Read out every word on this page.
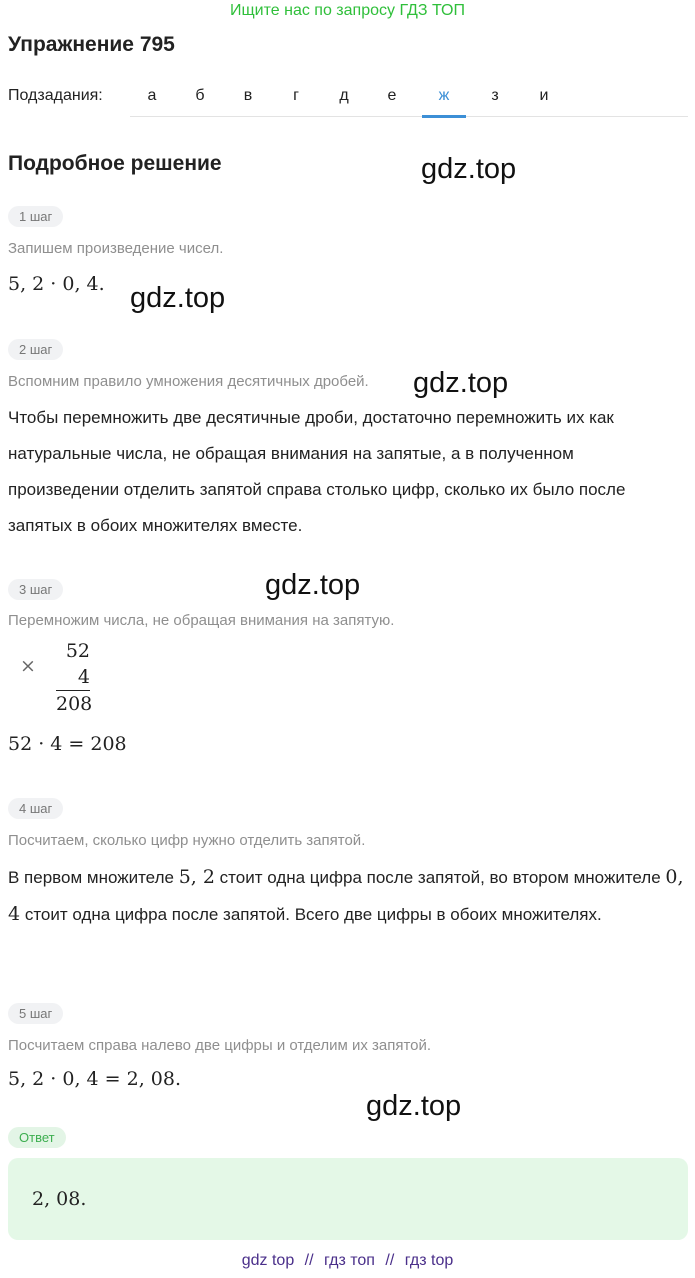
Ищите нас по запросу ГДЗ ТОП
Упражнение 795
Подзадания:	а	б	в	г	д	е	ж	з	и
Подробное решение	gdz.top
gdz.top
gdz.top
gdz.top
gdz.top
1 шаг
Запишем произведение чисел.
5, 2 · 0, 4.
2 шаг
Вспомним правило умножения десятичных дробей.
Чтобы перемножить две десятичные дроби, достаточно перемножить их как натуральные числа, не обращая внимания на запятые, а в полученном произведении отделить запятой справа столько цифр, сколько их было после запятых в обоих множителях вместе.
3 шаг
Перемножим числа, не обращая внимания на запятую.
×
52
4
208
52 · 4 = 208
4 шаг
Посчитаем, сколько цифр нужно отделить запятой.
В первом множителе 5, 2 стоит одна цифра после запятой, во втором множителе 0, 4 стоит одна цифра после запятой. Всего две цифры в обоих множителях.
5 шаг
Посчитаем справа налево две цифры и отделим их запятой.
5, 2 · 0, 4 = 2, 08.
Ответ
2, 08.
gdz top // гдз топ // гдз top
